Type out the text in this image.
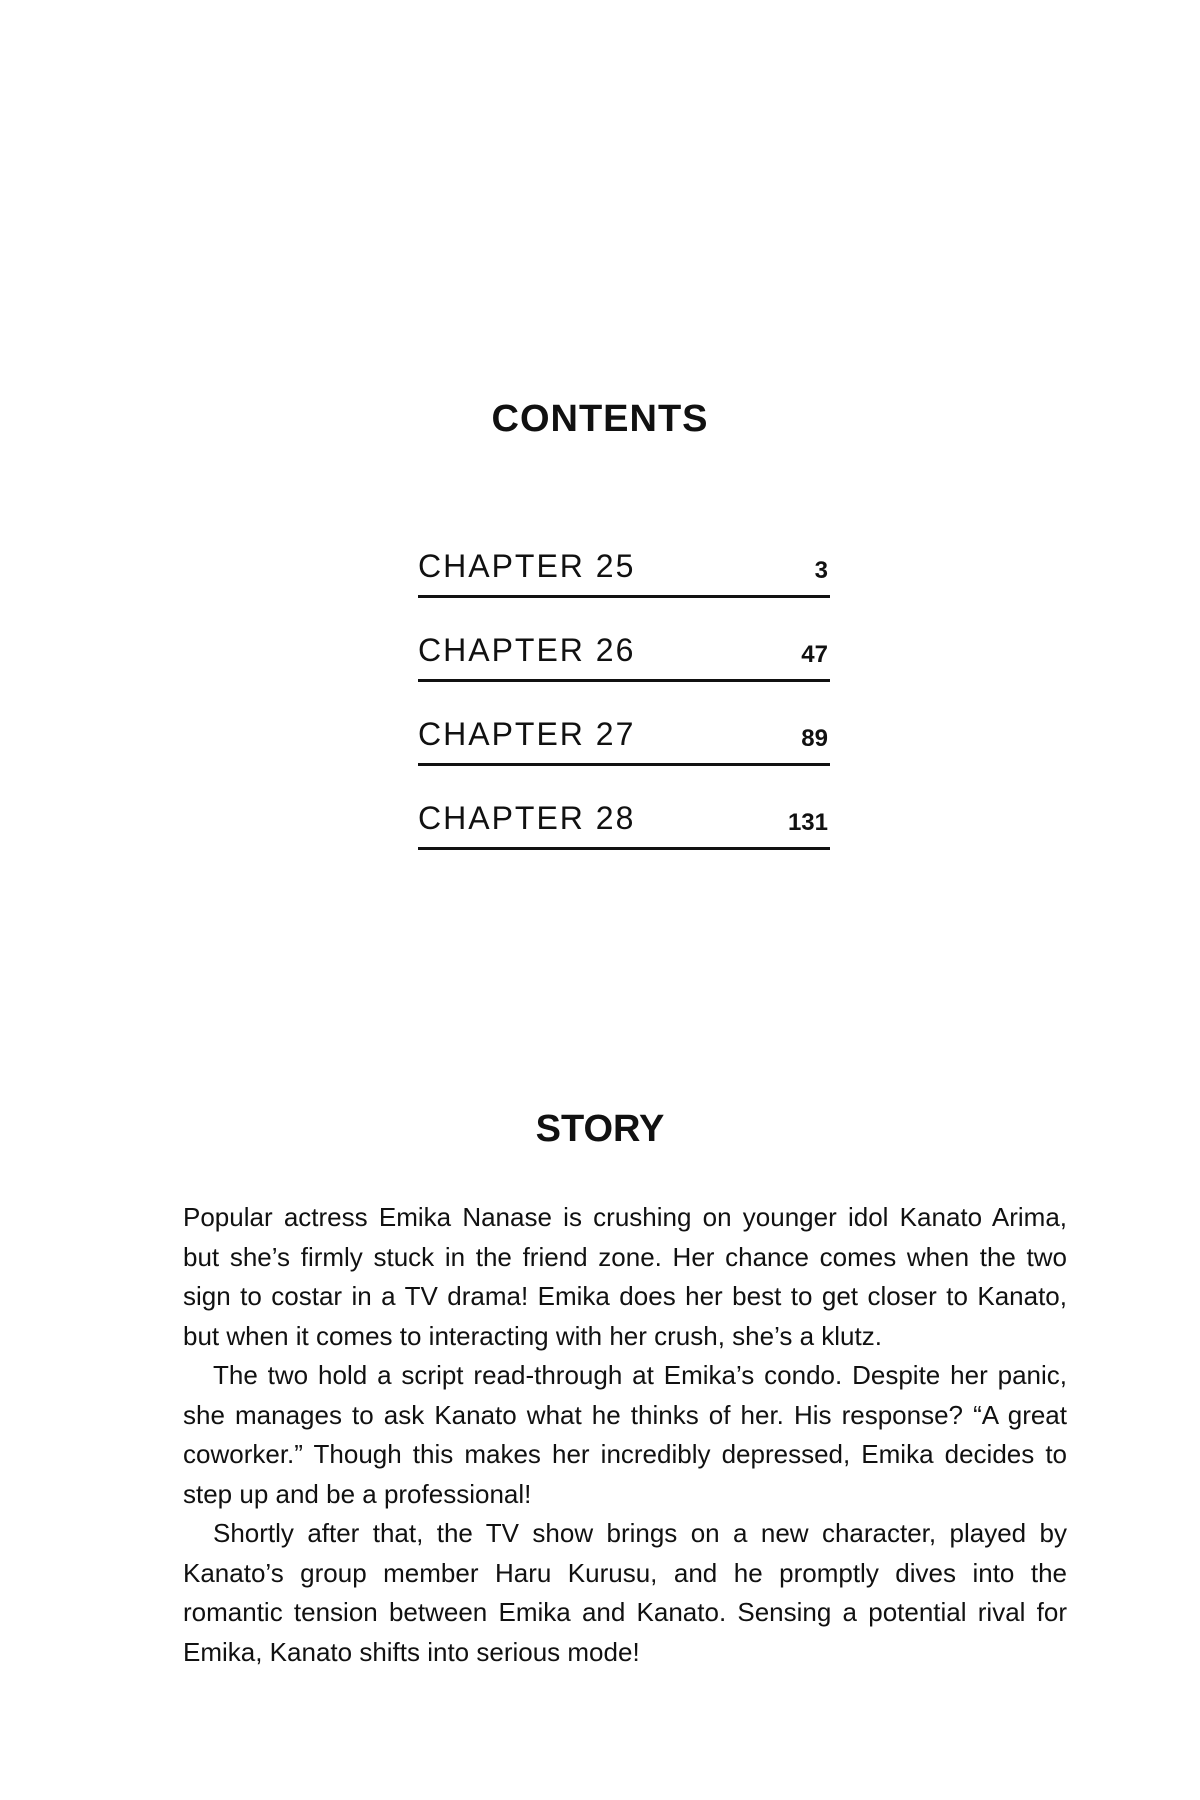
CONTENTS
CHAPTER 25	3
CHAPTER 26	47
CHAPTER 27	89
CHAPTER 28	131
STORY

Popular actress Emika Nanase is crushing on younger idol Kanato Arima, but she’s firmly stuck in the friend zone. Her chance comes when the two sign to costar in a TV drama! Emika does her best to get closer to Kanato, but when it comes to interacting with her crush, she’s a klutz.

The two hold a script read-through at Emika’s condo. Despite her panic, she manages to ask Kanato what he thinks of her. His response? “A great coworker.” Though this makes her incredibly depressed, Emika decides to step up and be a professional!

Shortly after that, the TV show brings on a new character, played by Kanato’s group member Haru Kurusu, and he promptly dives into the romantic tension between Emika and Kanato. Sensing a potential rival for Emika, Kanato shifts into serious mode!
